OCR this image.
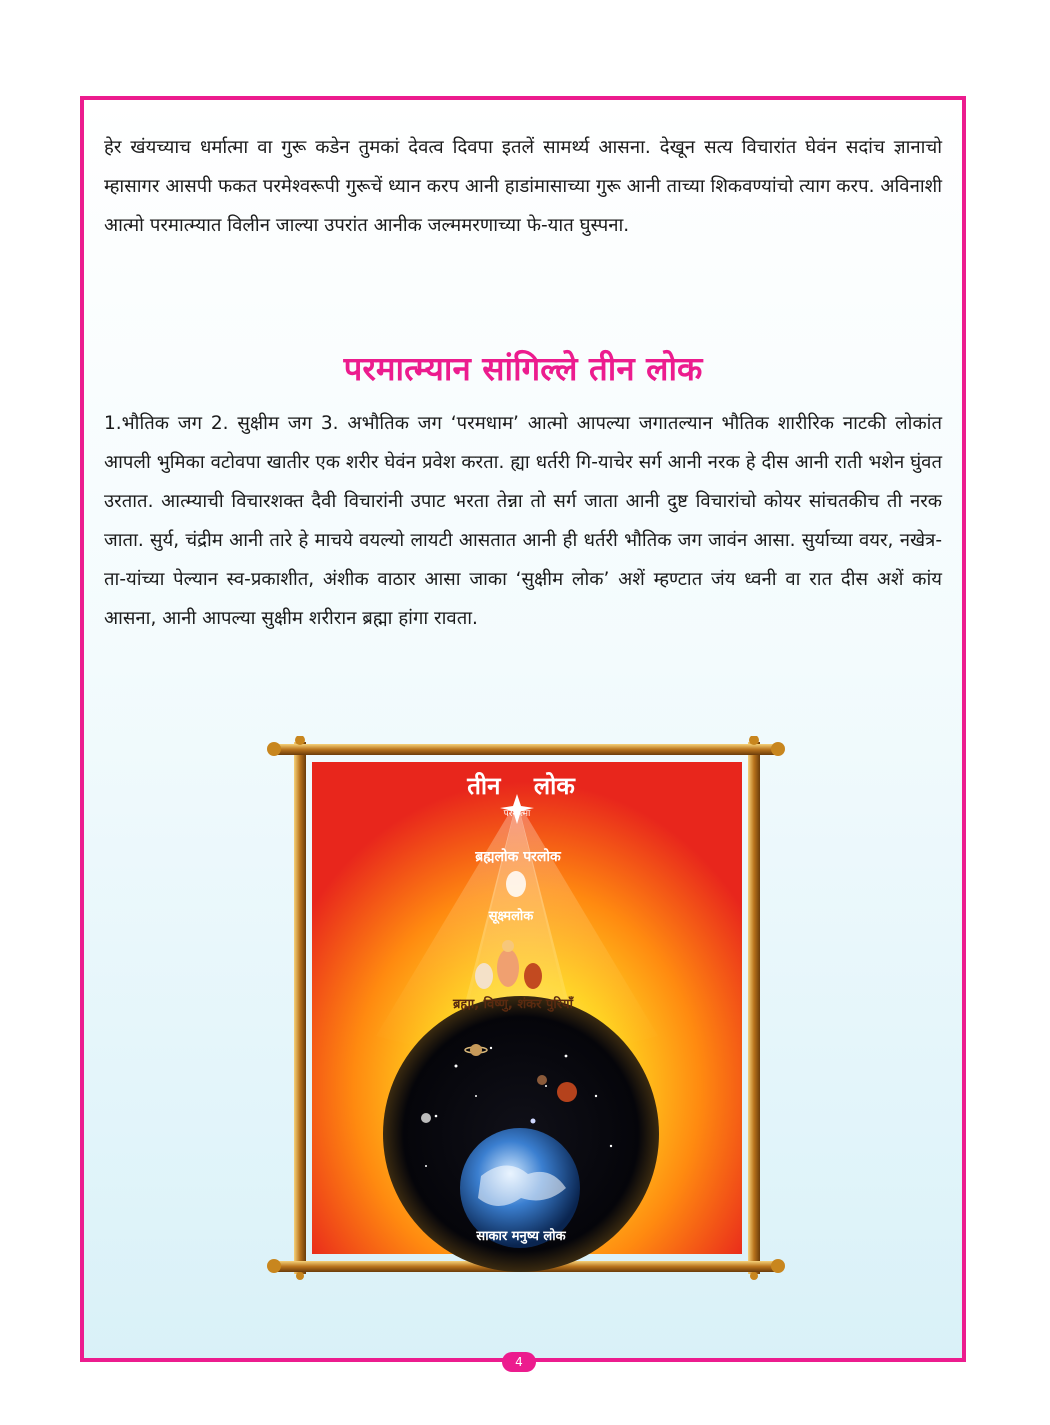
हेर खंयच्याच धर्मात्मा वा गुरू कडेन तुमकां देवत्व दिवपा इतलें सामर्थ्य आसना. देखून सत्य विचारांत घेवंन सदांच ज्ञानाचो म्हासागर आसपी फकत परमेश्वरूपी गुरूचें ध्यान करप आनी हाडांमासाच्या गुरू आनी ताच्या शिकवण्यांचो त्याग करप. अविनाशी आत्मो परमात्म्यात विलीन जाल्या उपरांत आनीक जल्ममरणाच्या फे-यात घुस्पना.

परमात्म्यान सांगिल्ले तीन लोक

1.भौतिक जग 2. सुक्षीम जग 3. अभौतिक जग ‘परमधाम’ आत्मो आपल्या जगातल्यान भौतिक शारीरिक नाटकी लोकांत आपली भुमिका वटोवपा खातीर एक शरीर घेवंन प्रवेश करता. ह्या धर्तरी गि-याचेर सर्ग आनी नरक हे दीस आनी राती भशेन घुंवत उरतात. आत्म्याची विचारशक्त दैवी विचारांनी उपाट भरता तेन्ना तो सर्ग जाता आनी दुष्ट विचारांचो कोयर सांचतकीच ती नरक जाता. सुर्य, चंद्रीम आनी तारे हे माचये वयल्यो लायटी आसतात आनी ही धर्तरी भौतिक जग जावंन आसा. सुर्याच्या वयर, नखेत्र-ता-यांच्या पेल्यान स्व-प्रकाशीत, अंशीक वाठार आसा जाका ‘सुक्षीम लोक’ अशें म्हण्टात जंय ध्वनी वा रात दीस अशें कांय आसना, आनी आपल्या सुक्षीम शरीरान ब्रह्मा हांगा रावता.

तीन    लोक
परमात्मा
ब्रह्मलोक परलोक
सूक्ष्मलोक
ब्रह्मा, विष्णु, शंकर पुरियाँ
साकार मनुष्य लोक
4
